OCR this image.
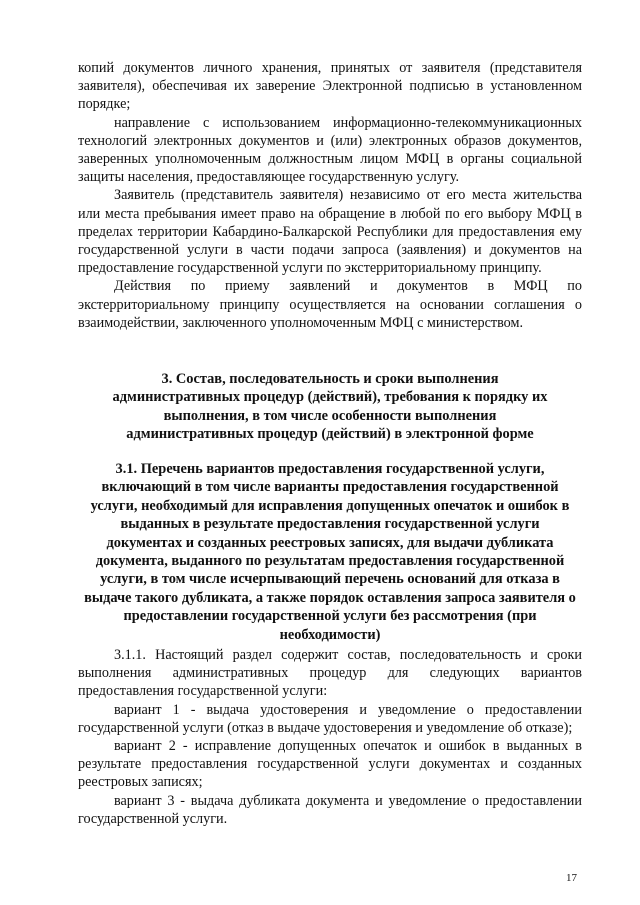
копий документов личного хранения, принятых от заявителя (представителя заявителя), обеспечивая их заверение Электронной подписью в установленном порядке;

направление с использованием информационно-телекоммуникационных технологий электронных документов и (или) электронных образов документов, заверенных уполномоченным должностным лицом МФЦ в органы социальной защиты населения, предоставляющее государственную услугу.

Заявитель (представитель заявителя) независимо от его места жительства или места пребывания имеет право на обращение в любой по его выбору МФЦ в пределах территории Кабардино-Балкарской Республики для предоставления ему государственной услуги в части подачи запроса (заявления) и документов на предоставление государственной услуги по экстерриториальному принципу.

Действия по приему заявлений и документов в МФЦ по экстерриториальному принципу осуществляется на основании соглашения о взаимодействии, заключенного уполномоченным МФЦ с министерством.

3. Состав, последовательность и сроки выполнения административных процедур (действий), требования к порядку их выполнения, в том числе особенности выполнения административных процедур (действий) в электронной форме
3.1. Перечень вариантов предоставления государственной услуги, включающий в том числе варианты предоставления государственной услуги, необходимый для исправления допущенных опечаток и ошибок в выданных в результате предоставления государственной услуги документах и созданных реестровых записях, для выдачи дубликата документа, выданного по результатам предоставления государственной услуги, в том числе исчерпывающий перечень оснований для отказа в выдаче такого дубликата, а также порядок оставления запроса заявителя о предоставлении государственной услуги без рассмотрения (при необходимости)

3.1.1. Настоящий раздел содержит состав, последовательность и сроки выполнения административных процедур для следующих вариантов предоставления государственной услуги:

вариант 1 - выдача удостоверения и уведомление о предоставлении государственной услуги (отказ в выдаче удостоверения и уведомление об отказе);

вариант 2 - исправление допущенных опечаток и ошибок в выданных в результате предоставления государственной услуги документах и созданных реестровых записях;

вариант 3 - выдача дубликата документа и уведомление о предоставлении государственной услуги.

17
